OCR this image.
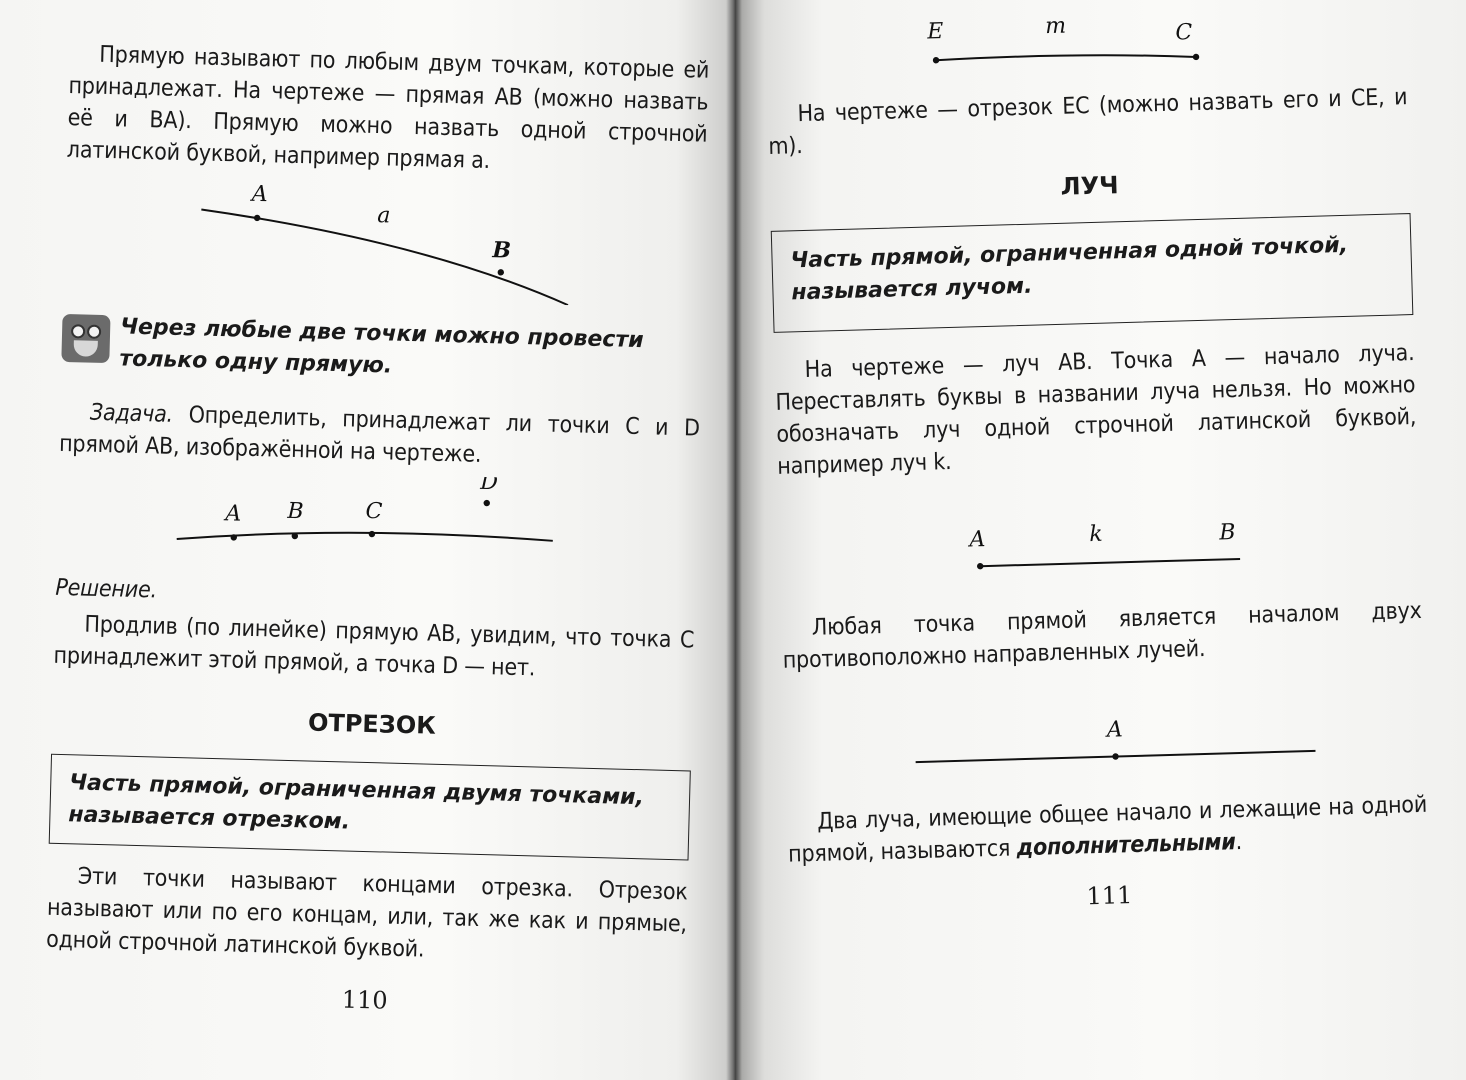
Прямую называют по любым двум точкам, которые ей принадлежат. На чертеже — прямая АВ (можно назвать её и ВА). Прямую можно назвать одной строчной латинской буквой, например прямая a.

A
a
B
Через любые две точки можно провести только одну прямую.

Задача. Определить, принадлежат ли точки С и D прямой АВ, изображённой на чертеже.

A B	C
D

Решение.

Продлив (по линейке) прямую АВ, увидим, что точка С принадлежит этой прямой, а точка D — нет.

ОТРЕЗОК

Часть прямой, ограниченная двумя точками, называется отрезком.

Эти точки называют концами отрезка. Отрезок называют или по его концам, или, так же как и прямые, одной строчной латинской буквой.

110

E	m	C

На чертеже — отрезок ЕС (можно назвать его и СЕ, и m).

ЛУЧ

Часть прямой, ограниченная одной точкой, называется лучом.

На чертеже — луч АВ. Точка А — начало луча. Переставлять буквы в названии луча нельзя. Но можно обозначать луч одной строчной латинской буквой, например луч k.

A	k	B

Любая точка прямой является началом двух противоположно направленных лучей.

A

Два луча, имеющие общее начало и лежащие на одной прямой, называются дополнительными.

111
